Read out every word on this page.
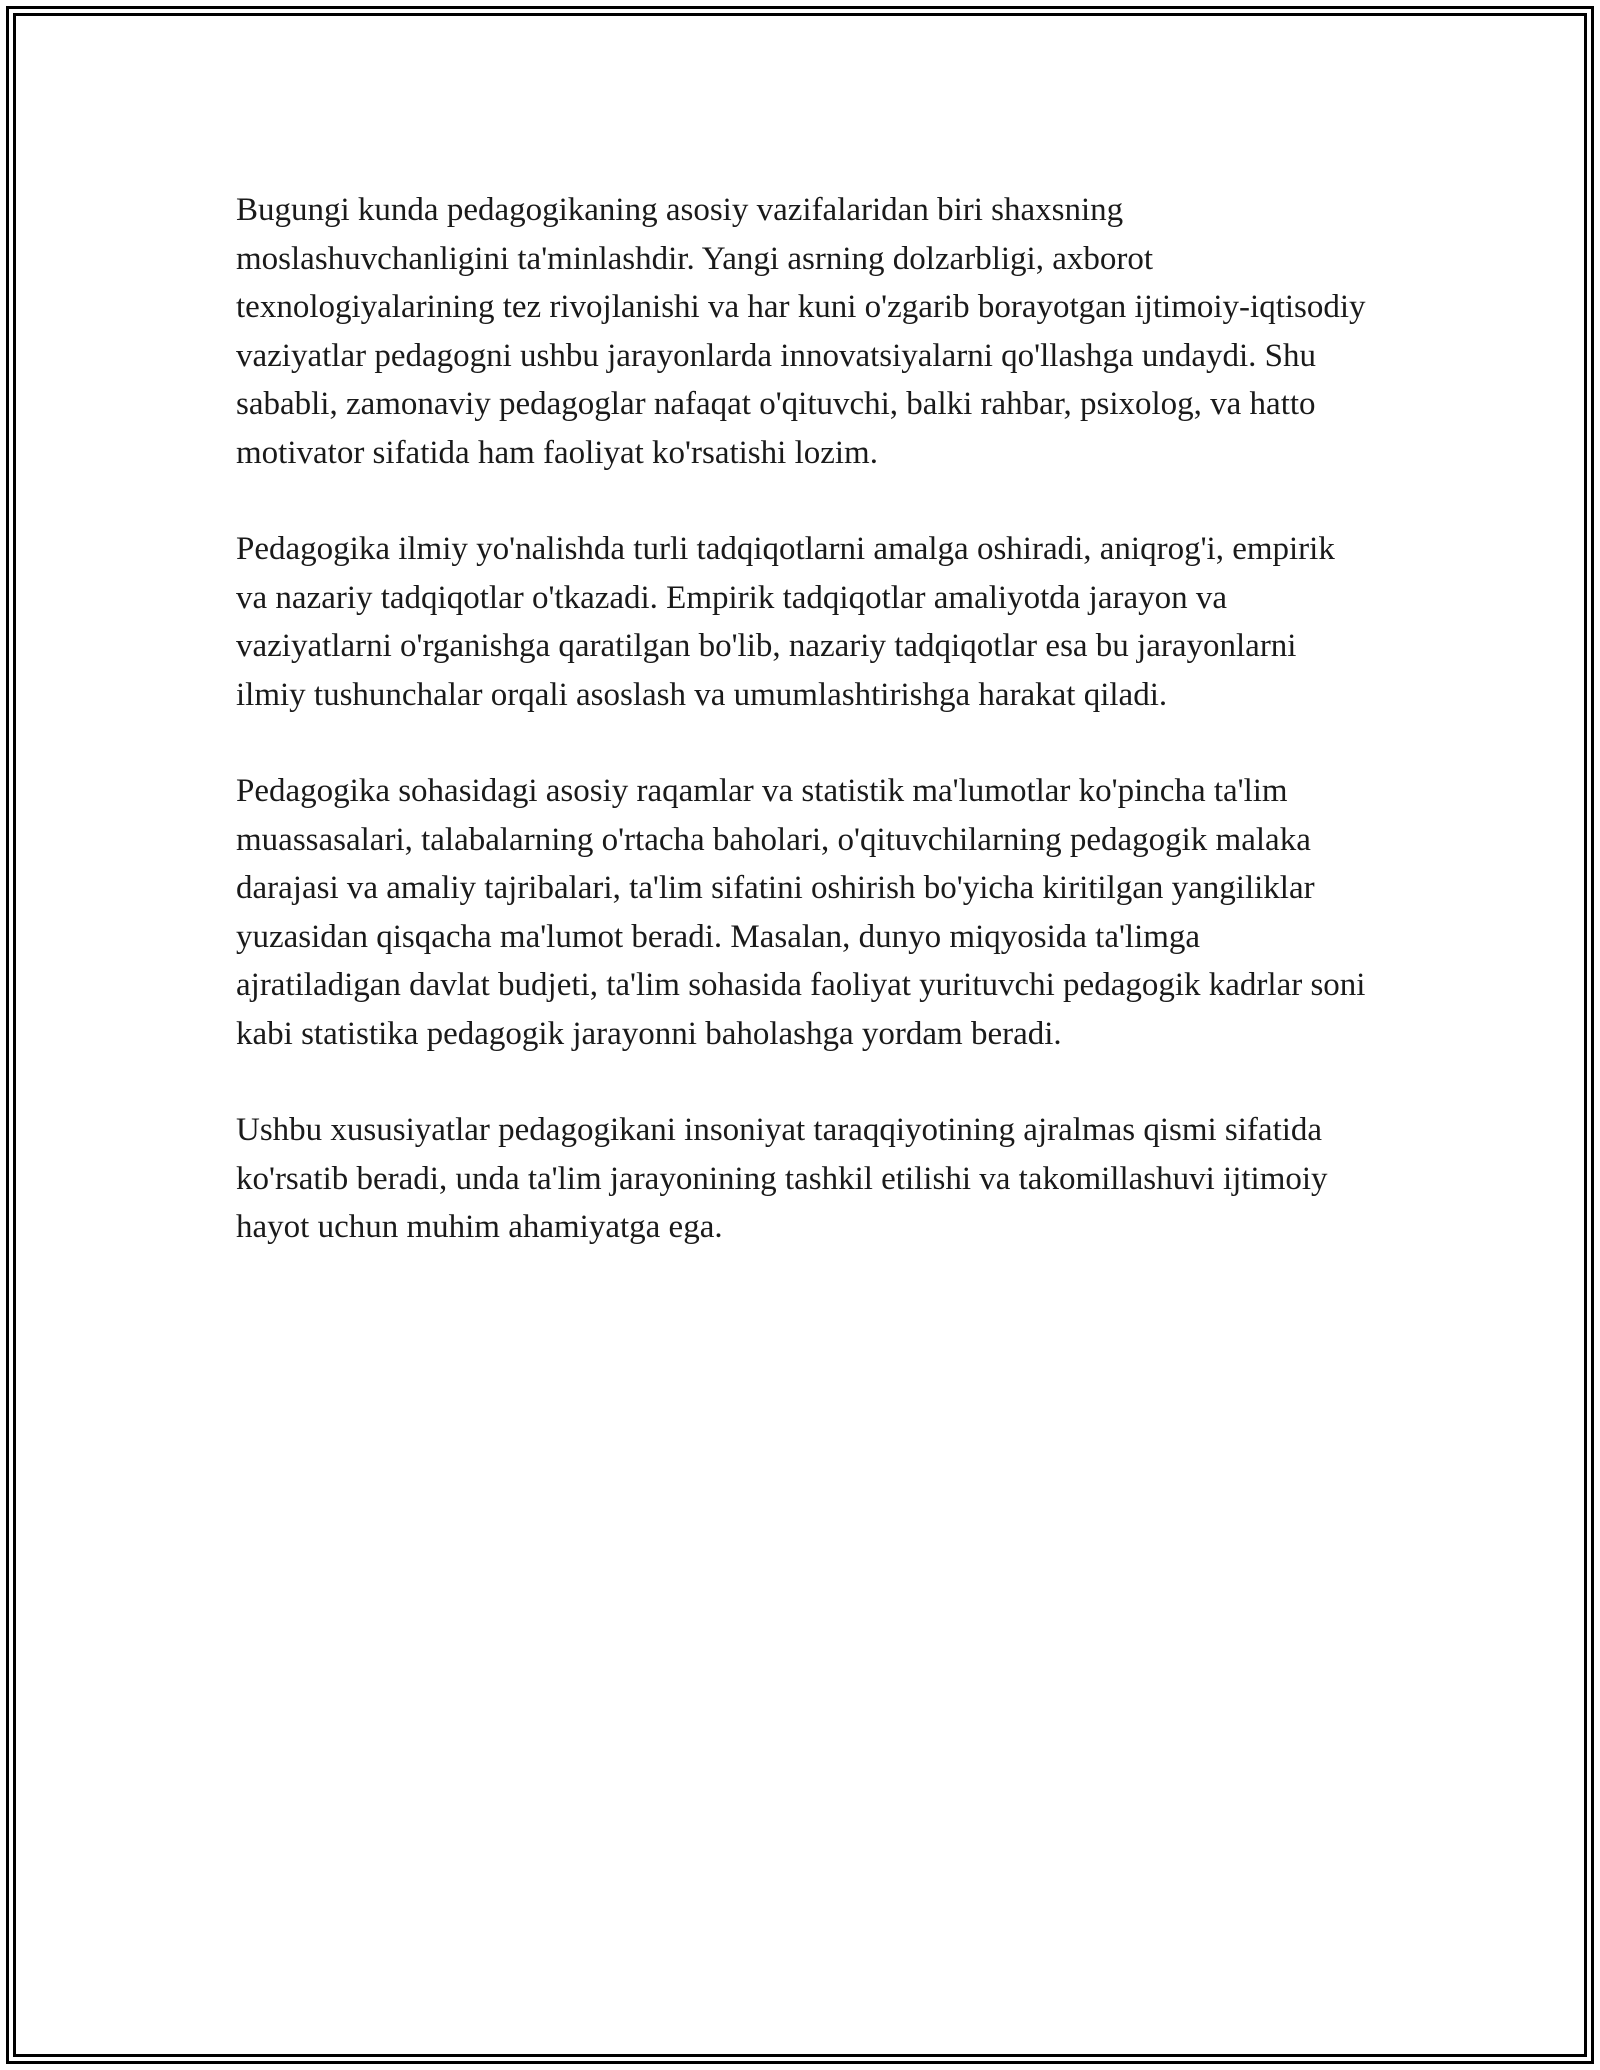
Bugungi kunda pedagogikaning asosiy vazifalaridan biri shaxsning moslashuvchanligini ta'minlashdir. Yangi asrning dolzarbligi, axborot texnologiyalarining tez rivojlanishi va har kuni o'zgarib borayotgan ijtimoiy-iqtisodiy vaziyatlar pedagogni ushbu jarayonlarda innovatsiyalarni qo'llashga undaydi. Shu sababli, zamonaviy pedagoglar nafaqat o'qituvchi, balki rahbar, psixolog, va hatto motivator sifatida ham faoliyat ko'rsatishi lozim.

Pedagogika ilmiy yo'nalishda turli tadqiqotlarni amalga oshiradi, aniqrog'i, empirik va nazariy tadqiqotlar o'tkazadi. Empirik tadqiqotlar amaliyotda jarayon va vaziyatlarni o'rganishga qaratilgan bo'lib, nazariy tadqiqotlar esa bu jarayonlarni ilmiy tushunchalar orqali asoslash va umumlashtirishga harakat qiladi.

Pedagogika sohasidagi asosiy raqamlar va statistik ma'lumotlar ko'pincha ta'lim muassasalari, talabalarning o'rtacha baholari, o'qituvchilarning pedagogik malaka darajasi va amaliy tajribalari, ta'lim sifatini oshirish bo'yicha kiritilgan yangiliklar yuzasidan qisqacha ma'lumot beradi. Masalan, dunyo miqyosida ta'limga ajratiladigan davlat budjeti, ta'lim sohasida faoliyat yurituvchi pedagogik kadrlar soni kabi statistika pedagogik jarayonni baholashga yordam beradi.

Ushbu xususiyatlar pedagogikani insoniyat taraqqiyotining ajralmas qismi sifatida ko'rsatib beradi, unda ta'lim jarayonining tashkil etilishi va takomillashuvi ijtimoiy hayot uchun muhim ahamiyatga ega.
